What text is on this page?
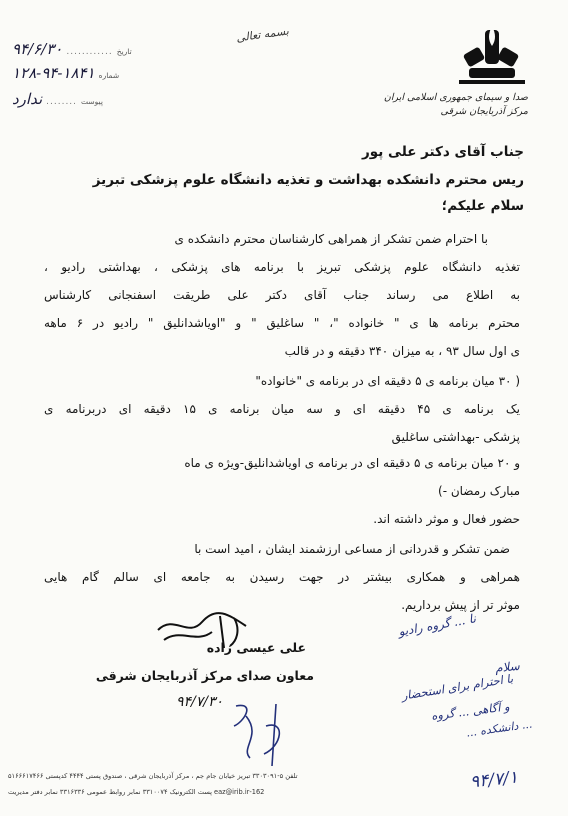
صدا و سیمای جمهوری اسلامی ایران
مرکز آذربایجان شرقی
بسمه تعالی
تاریخ
............
۹۴/۶/۳۰
شماره
۱۲۸-۹۴-۱۸۴۱
پیوست
........
ندارد
جناب آقای دکتر علی پور
ریس محترم دانشکده بهداشت و تغذیه دانشگاه علوم پزشکی تبریز
سلام علیکم؛
با احترام ضمن تشکر از همراهی کارشناسان محترم دانشکده ی
تغذیه دانشگاه علوم پزشکی تبریز با برنامه های پزشکی ، بهداشتی رادیو ،
به اطلاع می رساند جناب آقای دکتر علی طریقت اسفنجانی کارشناس
محترم برنامه ها ی " خانواده "، " ساغلیق " و "اویاشدانلیق " رادیو در ۶ ماهه
ی اول سال ۹۳ ، به میزان ۳۴۰ دقیقه و در قالب
( ۳۰ میان برنامه ی ۵ دقیقه ای در برنامه ی "خانواده"
یک برنامه ی ۴۵ دقیقه ای و سه میان برنامه ی ۱۵ دقیقه ای دربرنامه ی
پزشکی -بهداشتی ساغلیق
و ۲۰ میان برنامه ی ۵ دقیقه ای در برنامه ی اویاشدانلیق-ویژه ی ماه
مبارک رمضان -)
حضور فعال و موثر داشته اند.
ضمن تشکر و قدردانی از مساعی ارزشمند ایشان ، امید است با
همراهی و همکاری بیشتر در جهت رسیدن به جامعه ای سالم گام هایی
موثر تر از پیش برداریم.
علی عیسی زاده
معاون صدای مرکز آذربایجان شرقی
۹۴/۷/۳۰
نا ... گروه رادیو
سلام
با احترام برای استحضار
و آگاهی ... گروه
... دانشکده ...
۹۴/۷/۱
تلفن ۵-۳۳۰۳۰۹۱ تبریز خیابان جام جم ، مرکز آذربایجان شرقی ، صندوق پستی ۴۴۴۴ کدپستی ۵۱۶۶۶۱۷۴۶۶
162-eaz@irib.ir پست الکترونیک ۳۳۱۰۰۷۴ نمابر روابط عمومی ۳۳۱۶۳۳۶ نمابر دفتر مدیریت
